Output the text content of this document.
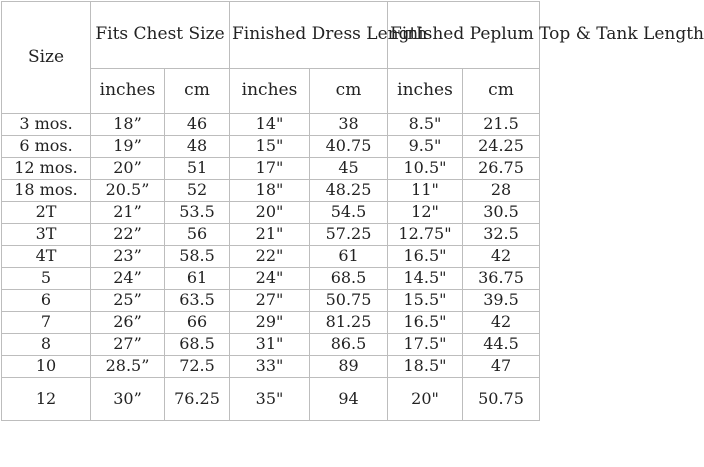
Size	Fits Chest Size		Finished Dress Length		Finished Peplum Top & Tank Length	
	inches	cm	inches	cm	inches	cm
3 mos.	18”	46	14"	38	8.5"	21.5
6 mos.	19”	48	15"	40.75	9.5"	24.25
12 mos.	20”	51	17"	45	10.5"	26.75
18 mos.	20.5”	52	18"	48.25	11"	28
2T	21”	53.5	20"	54.5	12"	30.5
3T	22”	56	21"	57.25	12.75"	32.5
4T	23”	58.5	22"	61	16.5"	42
5	24”	61	24"	68.5	14.5"	36.75
6	25”	63.5	27"	50.75	15.5"	39.5
7	26”	66	29"	81.25	16.5"	42
8	27”	68.5	31"	86.5	17.5"	44.5
10	28.5”	72.5	33"	89	18.5"	47
12	30”	76.25	35"	94	20"	50.75
